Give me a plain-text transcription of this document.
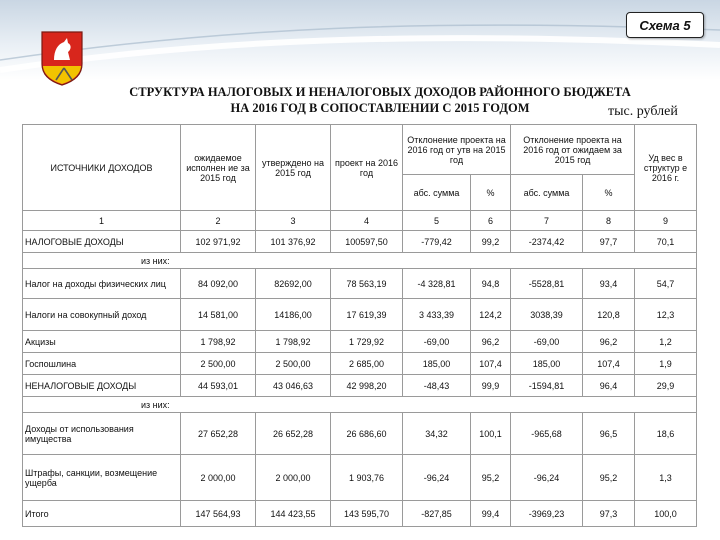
Схема 5
СТРУКТУРА НАЛОГОВЫХ И НЕНАЛОГОВЫХ ДОХОДОВ РАЙОННОГО БЮДЖЕТА
НА 2016 ГОД В СОПОСТАВЛЕНИИ С 2015 ГОДОМ	тыс. рублей
ИСТОЧНИКИ ДОХОДОВ	ожидаемое исполнен ие за 2015 год	утверждено на 2015 год	проект на 2016 год	Отклонение проекта на 2016 год от утв на 2015 год		Отклонение проекта на 2016 год от ожидаем за 2015 год		Уд вес в структур е 2016 г.
				абс. сумма	%	абс. сумма	%	
1	2	3	4	5	6	7	8	9
НАЛОГОВЫЕ ДОХОДЫ	102 971,92	101 376,92	100597,50	-779,42	99,2	-2374,42	97,7	70,1
из них:								
Налог на доходы физических лиц	84 092,00	82692,00	78 563,19	-4 328,81	94,8	-5528,81	93,4	54,7
Налоги на совокупный доход	14 581,00	14186,00	17 619,39	3 433,39	124,2	3038,39	120,8	12,3
Акцизы	1 798,92	1 798,92	1 729,92	-69,00	96,2	-69,00	96,2	1,2
Госпошлина	2 500,00	2 500,00	2 685,00	185,00	107,4	185,00	107,4	1,9
НЕНАЛОГОВЫЕ ДОХОДЫ	44 593,01	43 046,63	42 998,20	-48,43	99,9	-1594,81	96,4	29,9
из них:								
Доходы от использования имущества	27 652,28	26 652,28	26 686,60	34,32	100,1	-965,68	96,5	18,6
Штрафы, санкции, возмещение ущерба	2 000,00	2 000,00	1 903,76	-96,24	95,2	-96,24	95,2	1,3
Итого	147 564,93	144 423,55	143 595,70	-827,85	99,4	-3969,23	97,3	100,0
